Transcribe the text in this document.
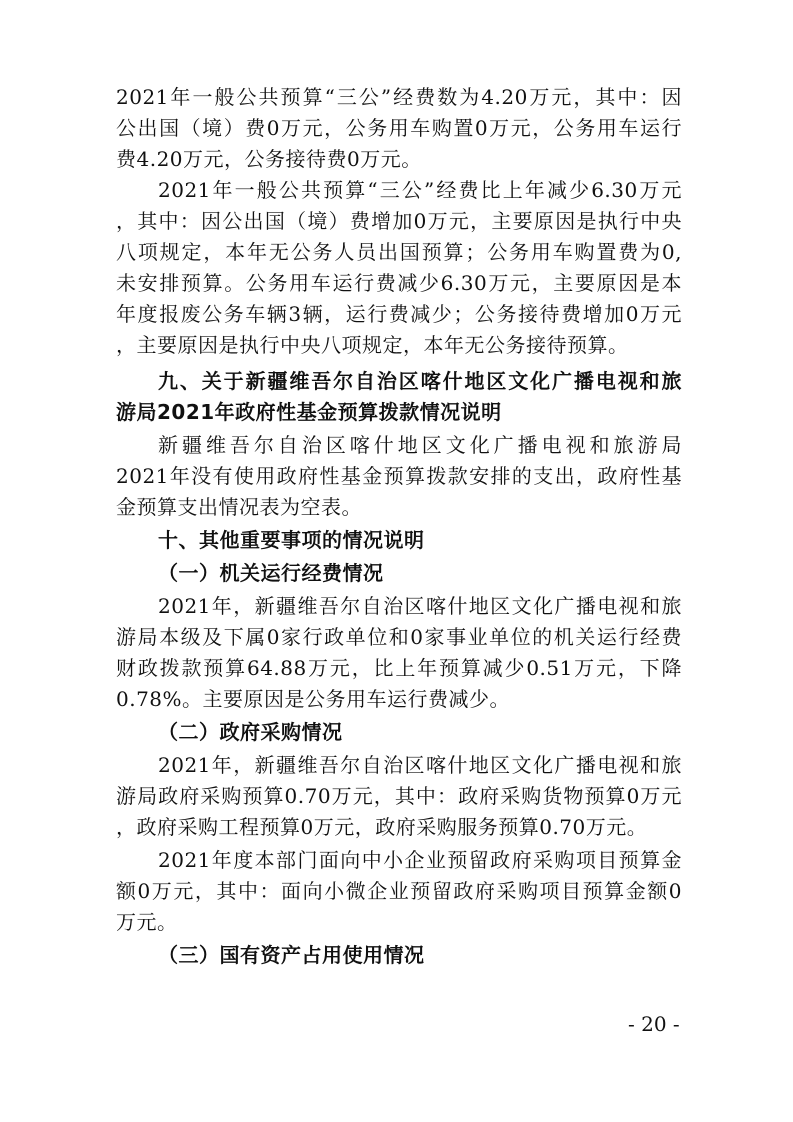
2021年一般公共预算“三公”经费数为4.20万元，其中：因
公出国（境）费0万元，公务用车购置0万元，公务用车运行
费4.20万元，公务接待费0万元。
2021年一般公共预算“三公”经费比上年减少6.30万元
，其中：因公出国（境）费增加0万元，主要原因是执行中央
八项规定，本年无公务人员出国预算；公务用车购置费为0,
未安排预算。公务用车运行费减少6.30万元，主要原因是本
年度报废公务车辆3辆，运行费减少；公务接待费增加0万元
，主要原因是执行中央八项规定，本年无公务接待预算。
九、关于新疆维吾尔自治区喀什地区文化广播电视和旅
游局2021年政府性基金预算拨款情况说明
新疆维吾尔自治区喀什地区文化广播电视和旅游局
2021年没有使用政府性基金预算拨款安排的支出，政府性基
金预算支出情况表为空表。
十、其他重要事项的情况说明
（一）机关运行经费情况
2021年，新疆维吾尔自治区喀什地区文化广播电视和旅
游局本级及下属0家行政单位和0家事业单位的机关运行经费
财政拨款预算64.88万元，比上年预算减少0.51万元，下降
0.78%。主要原因是公务用车运行费减少。
（二）政府采购情况
2021年，新疆维吾尔自治区喀什地区文化广播电视和旅
游局政府采购预算0.70万元，其中：政府采购货物预算0万元
，政府采购工程预算0万元，政府采购服务预算0.70万元。
2021年度本部门面向中小企业预留政府采购项目预算金
额0万元，其中：面向小微企业预留政府采购项目预算金额0
万元。
（三）国有资产占用使用情况
- 20 -
